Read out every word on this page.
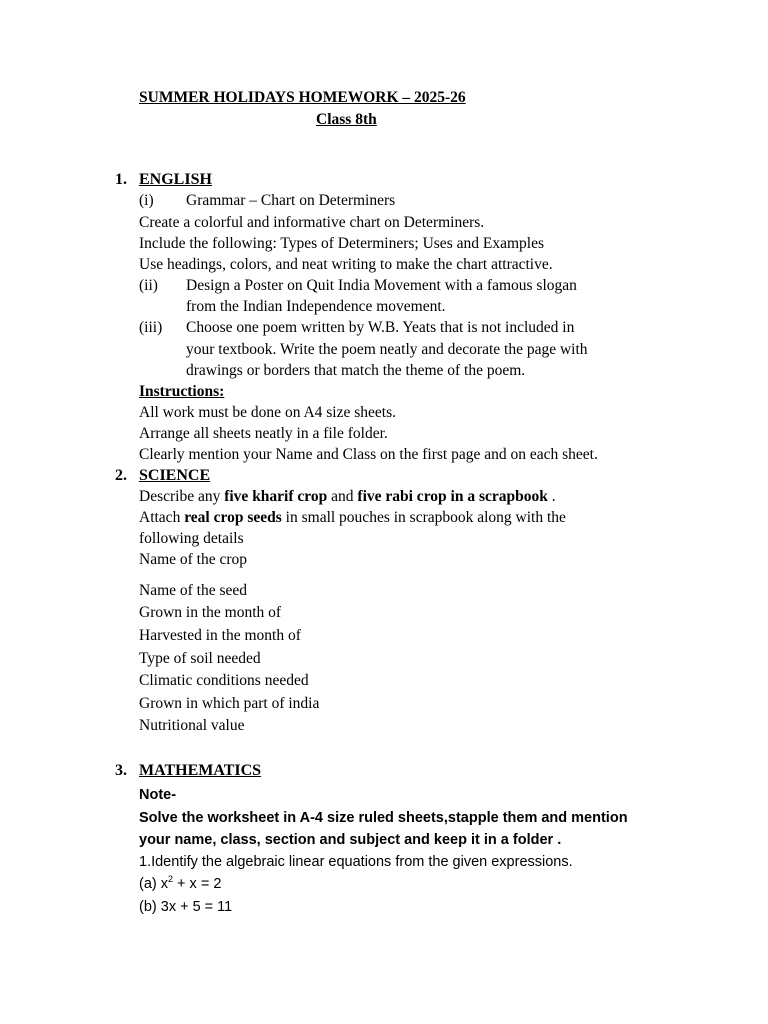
SUMMER HOLIDAYS HOMEWORK – 2025-26
Class 8th
1. ENGLISH
(i) Grammar – Chart on Determiners
Create a colorful and informative chart on Determiners.
Include the following: Types of Determiners; Uses and Examples
Use headings, colors, and neat writing to make the chart attractive.
(ii) Design a Poster on Quit India Movement with a famous slogan
from the Indian Independence movement.
(iii) Choose one poem written by W.B. Yeats that is not included in
your textbook. Write the poem neatly and decorate the page with
drawings or borders that match the theme of the poem.
Instructions:
All work must be done on A4 size sheets.
Arrange all sheets neatly in a file folder.
Clearly mention your Name and Class on the first page and on each sheet.
2. SCIENCE
Describe any five kharif crop and five rabi crop in a scrapbook .
Attach real crop seeds in small pouches in scrapbook along with the
following details
Name of the crop
Name of the seed
Grown in the month of
Harvested in the month of
Type of soil needed
Climatic conditions needed
Grown in which part of india
Nutritional value
3. MATHEMATICS
Note-
Solve the worksheet in A-4 size ruled sheets,stapple them and mention
your name, class, section and subject and keep it in a folder .
1.Identify the algebraic linear equations from the given expressions.
(a) $x^2 + x = 2$
(b) 3x + 5 = 11
